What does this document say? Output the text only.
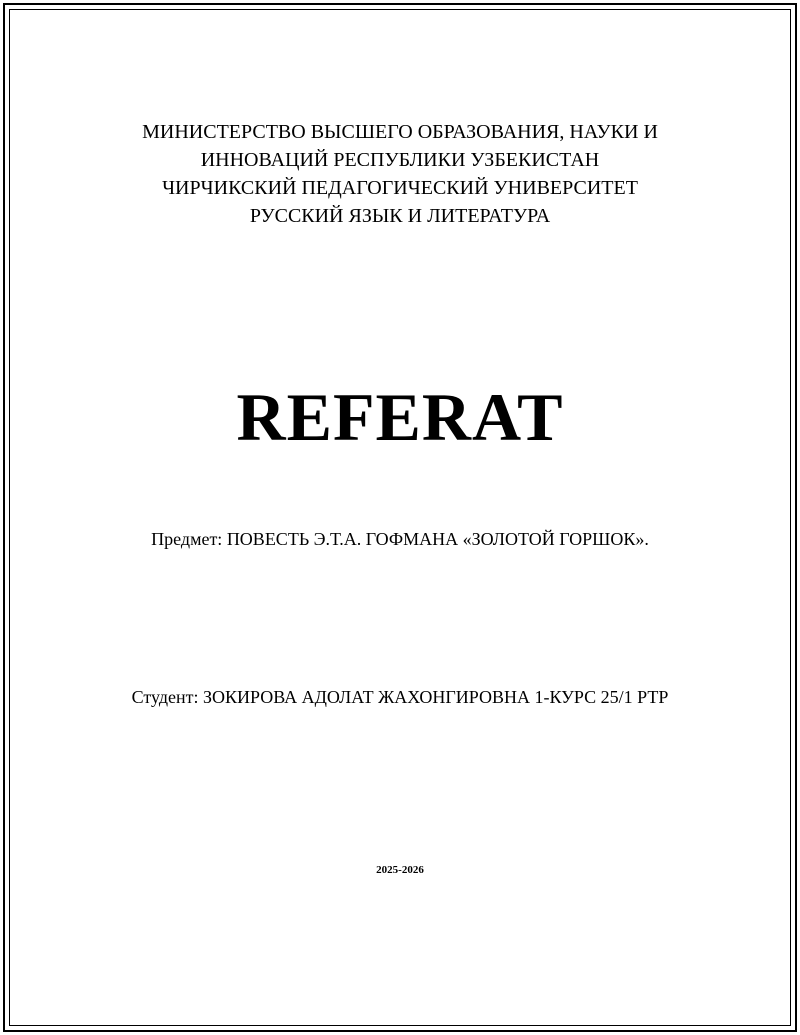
МИНИСТЕРСТВО ВЫСШЕГО ОБРАЗОВАНИЯ, НАУКИ И
ИННОВАЦИЙ РЕСПУБЛИКИ УЗБЕКИСТАН
ЧИРЧИКСКИЙ ПЕДАГОГИЧЕСКИЙ УНИВЕРСИТЕТ
РУССКИЙ ЯЗЫК И ЛИТЕРАТУРА
REFERAT
Предмет: ПОВЕСТЬ Э.Т.А. ГОФМАНА «ЗОЛОТОЙ ГОРШОК».
Студент: ЗОКИРОВА АДОЛАТ ЖАХОНГИРОВНА 1-КУРС 25/1 РТР
2025-2026
